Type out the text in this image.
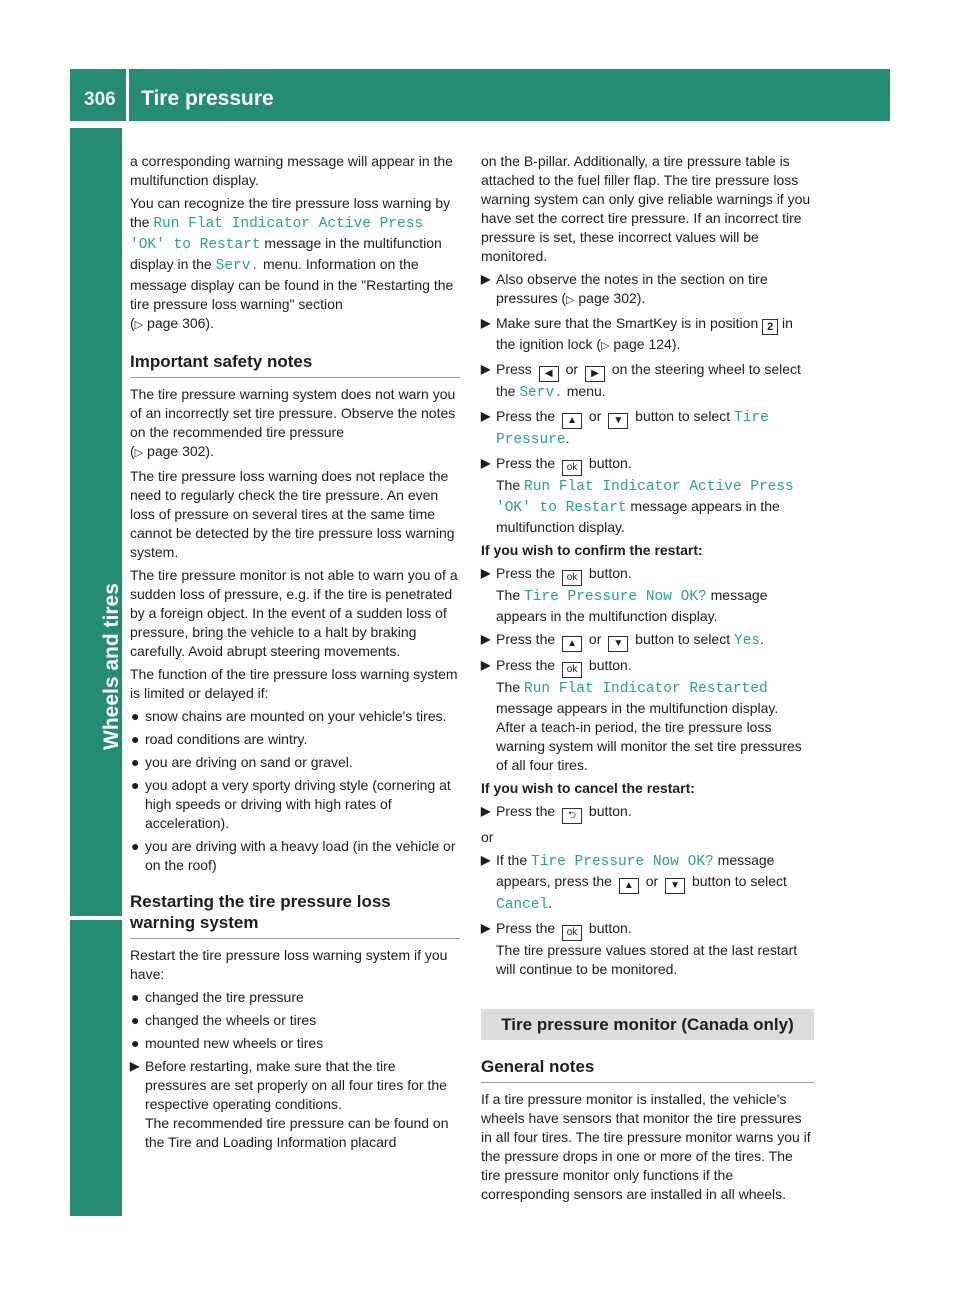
306 Tire pressure
Wheels and tires

a corresponding warning message will appear in the multifunction display.

You can recognize the tire pressure loss warning by the Run Flat Indicator Active Press 'OK' to Restart message in the multifunction display in the Serv. menu. Information on the message display can be found in the "Restarting the tire pressure loss warning" section
(▷ page 306).

Important safety notes

The tire pressure warning system does not warn you of an incorrectly set tire pressure. Observe the notes on the recommended tire pressure
(▷ page 302).

The tire pressure loss warning does not replace the need to regularly check the tire pressure. An even loss of pressure on several tires at the same time cannot be detected by the tire pressure loss warning system.

The tire pressure monitor is not able to warn you of a sudden loss of pressure, e.g. if the tire is penetrated by a foreign object. In the event of a sudden loss of pressure, bring the vehicle to a halt by braking carefully. Avoid abrupt steering movements.

The function of the tire pressure loss warning system is limited or delayed if:

● snow chains are mounted on your vehicle's tires.
● road conditions are wintry.
● you are driving on sand or gravel.
● you adopt a very sporty driving style (cornering at high speeds or driving with high rates of acceleration).
● you are driving with a heavy load (in the vehicle or on the roof)
Restarting the tire pressure loss warning system

Restart the tire pressure loss warning system if you have:

● changed the tire pressure
● changed the wheels or tires
● mounted new wheels or tires
▶ Before restarting, make sure that the tire pressures are set properly on all four tires for the respective operating conditions.
The recommended tire pressure can be found on the Tire and Loading Information placard

on the B-pillar. Additionally, a tire pressure table is attached to the fuel filler flap. The tire pressure loss warning system can only give reliable warnings if you have set the correct tire pressure. If an incorrect tire pressure is set, these incorrect values will be monitored.

▶ Also observe the notes in the section on tire pressures (▷ page 302).
▶ Make sure that the SmartKey is in position 2 in the ignition lock (▷ page 124).
▶ Press ◀ or ▶ on the steering wheel to select the Serv. menu.
▶ Press the ▲ or ▼ button to select Tire Pressure.
▶ Press the ok button.
The Run Flat Indicator Active Press 'OK' to Restart message appears in the multifunction display.
If you wish to confirm the restart:
▶ Press the ok button.
The Tire Pressure Now OK? message appears in the multifunction display.
▶ Press the ▲ or ▼ button to select Yes.
▶ Press the ok button.
The Run Flat Indicator Restarted message appears in the multifunction display.
After a teach-in period, the tire pressure loss warning system will monitor the set tire pressures of all four tires.
If you wish to cancel the restart:
▶ Press the ⮌ button.

or

▶ If the Tire Pressure Now OK? message appears, press the ▲ or ▼ button to select Cancel.
▶ Press the ok button.
The tire pressure values stored at the last restart will continue to be monitored.
Tire pressure monitor (Canada only)
General notes

If a tire pressure monitor is installed, the vehicle's wheels have sensors that monitor the tire pressures in all four tires. The tire pressure monitor warns you if the pressure drops in one or more of the tires. The tire pressure monitor only functions if the corresponding sensors are installed in all wheels.
